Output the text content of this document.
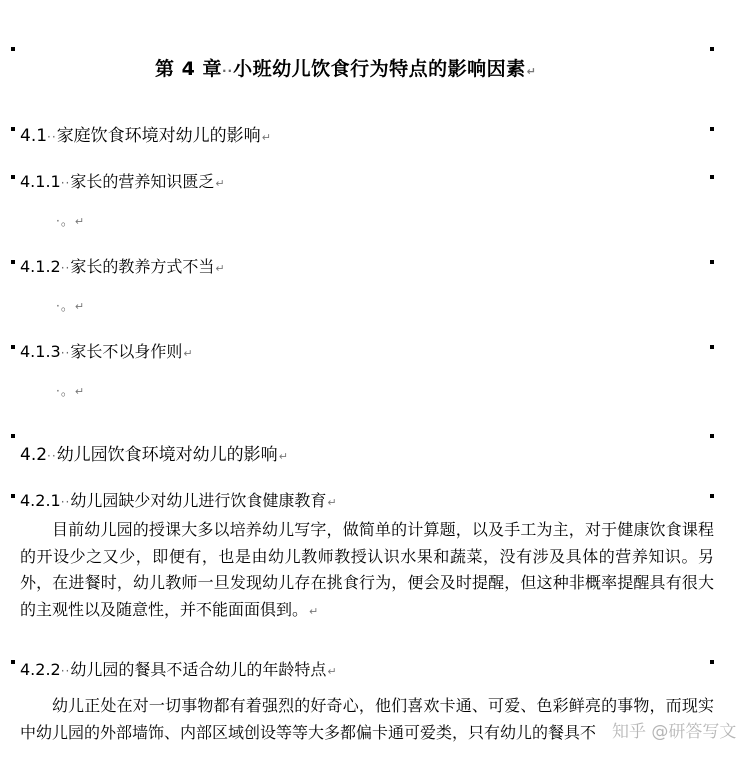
第 4 章··小班幼儿饮食行为特点的影响因素↵
4.1··家庭饮食环境对幼儿的影响↵
4.1.1··家长的营养知识匮乏↵
·。↵
4.1.2··家长的教养方式不当↵
·。↵
4.1.3··家长不以身作则↵
·。↵
4.2··幼儿园饮食环境对幼儿的影响↵
4.2.1··幼儿园缺少对幼儿进行饮食健康教育↵
目前幼儿园的授课大多以培养幼儿写字，做简单的计算题，以及手工为主，对于健康饮食课程的开设少之又少，即便有，也是由幼儿教师教授认识水果和蔬菜，没有涉及具体的营养知识。另外，在进餐时，幼儿教师一旦发现幼儿存在挑食行为，便会及时提醒，但这种非概率提醒具有很大的主观性以及随意性，并不能面面俱到。↵
4.2.2··幼儿园的餐具不适合幼儿的年龄特点↵
幼儿正处在对一切事物都有着强烈的好奇心，他们喜欢卡通、可爱、色彩鲜亮的事物，而现实中幼儿园的外部墙饰、内部区域创设等等大多都偏卡通可爱类，只有幼儿的餐具不 知乎 @研答写文
